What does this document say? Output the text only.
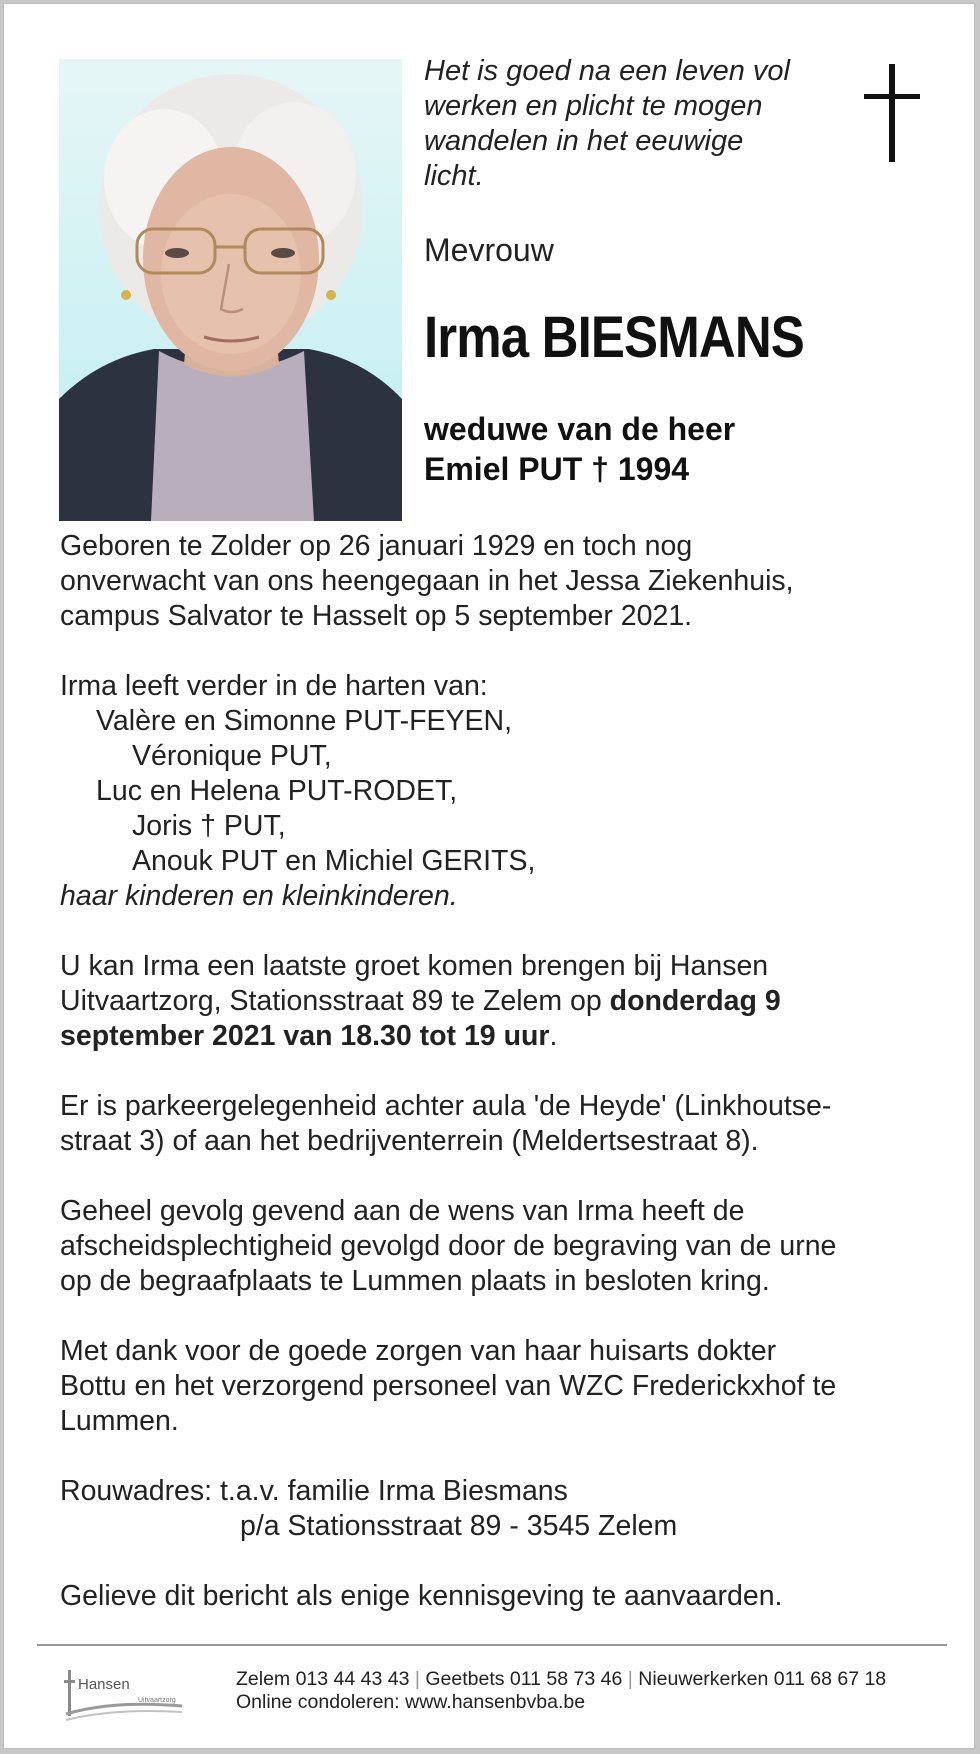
Het is goed na een leven vol
werken en plicht te mogen
wandelen in het eeuwige
licht.
Mevrouw
Irma BIESMANS
weduwe van de heer
Emiel PUT † 1994

Geboren te Zolder op 26 januari 1929 en toch nog

onverwacht van ons heengegaan in het Jessa Ziekenhuis,

campus Salvator te Hasselt op 5 september 2021.

Irma leeft verder in de harten van:

Valère en Simonne PUT-FEYEN,

Véronique PUT,

Luc en Helena PUT-RODET,

Joris † PUT,

Anouk PUT en Michiel GERITS,

haar kinderen en kleinkinderen.

U kan Irma een laatste groet komen brengen bij Hansen

Uitvaartzorg, Stationsstraat 89 te Zelem op donderdag 9

september 2021 van 18.30 tot 19 uur.

Er is parkeergelegenheid achter aula 'de Heyde' (Linkhoutse-

straat 3) of aan het bedrijventerrein (Meldertsestraat 8).

Geheel gevolg gevend aan de wens van Irma heeft de

afscheidsplechtigheid gevolgd door de begraving van de urne

op de begraafplaats te Lummen plaats in besloten kring.

Met dank voor de goede zorgen van haar huisarts dokter

Bottu en het verzorgend personeel van WZC Frederickxhof te

Lummen.

Rouwadres: t.a.v. familie Irma Biesmans

p/a Stationsstraat 89 - 3545 Zelem

Gelieve dit bericht als enige kennisgeving te aanvaarden.

Hansen
Uitvaartzorg
Zelem 013 44 43 43 | Geetbets 011 58 73 46 | Nieuwerkerken 011 68 67 18
Online condoleren: www.hansenbvba.be
